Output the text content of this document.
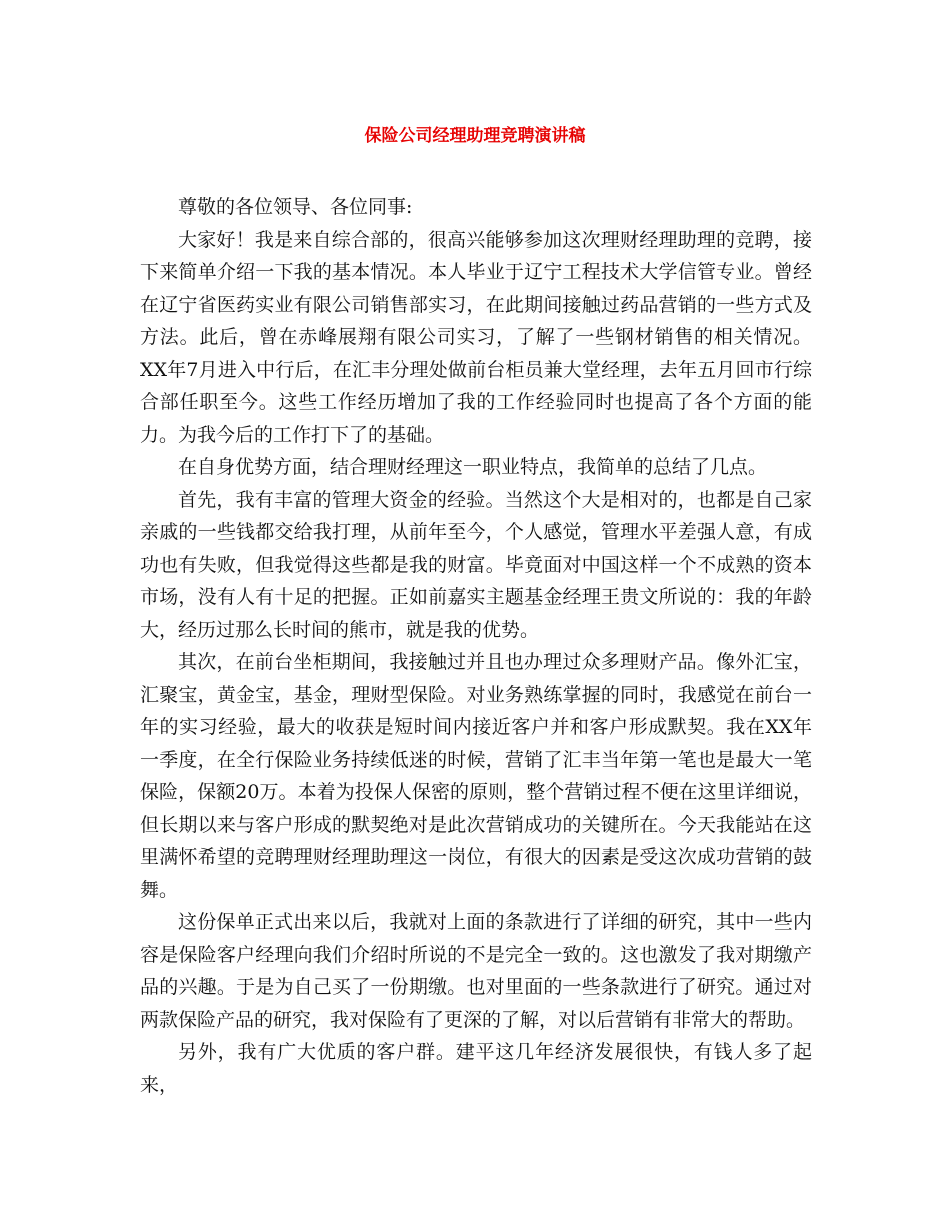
保险公司经理助理竞聘演讲稿

尊敬的各位领导、各位同事:

大家好！我是来自综合部的，很高兴能够参加这次理财经理助理的竞聘，接下来简单介绍一下我的基本情况。本人毕业于辽宁工程技术大学信管专业。曾经在辽宁省医药实业有限公司销售部实习，在此期间接触过药品营销的一些方式及方法。此后，曾在赤峰展翔有限公司实习，了解了一些钢材销售的相关情况。XX年7月进入中行后，在汇丰分理处做前台柜员兼大堂经理，去年五月回市行综合部任职至今。这些工作经历增加了我的工作经验同时也提高了各个方面的能力。为我今后的工作打下了的基础。

在自身优势方面，结合理财经理这一职业特点，我简单的总结了几点。

首先，我有丰富的管理大资金的经验。当然这个大是相对的，也都是自己家亲戚的一些钱都交给我打理，从前年至今，个人感觉，管理水平差强人意，有成功也有失败，但我觉得这些都是我的财富。毕竟面对中国这样一个不成熟的资本市场，没有人有十足的把握。正如前嘉实主题基金经理王贵文所说的：我的年龄大，经历过那么长时间的熊市，就是我的优势。

其次，在前台坐柜期间，我接触过并且也办理过众多理财产品。像外汇宝，汇聚宝，黄金宝，基金，理财型保险。对业务熟练掌握的同时，我感觉在前台一年的实习经验，最大的收获是短时间内接近客户并和客户形成默契。我在XX年一季度，在全行保险业务持续低迷的时候，营销了汇丰当年第一笔也是最大一笔保险，保额20万。本着为投保人保密的原则，整个营销过程不便在这里详细说，但长期以来与客户形成的默契绝对是此次营销成功的关键所在。今天我能站在这里满怀希望的竞聘理财经理助理这一岗位，有很大的因素是受这次成功营销的鼓舞。

这份保单正式出来以后，我就对上面的条款进行了详细的研究，其中一些内容是保险客户经理向我们介绍时所说的不是完全一致的。这也激发了我对期缴产品的兴趣。于是为自己买了一份期缴。也对里面的一些条款进行了研究。通过对两款保险产品的研究，我对保险有了更深的了解，对以后营销有非常大的帮助。

另外，我有广大优质的客户群。建平这几年经济发展很快，有钱人多了起来，
